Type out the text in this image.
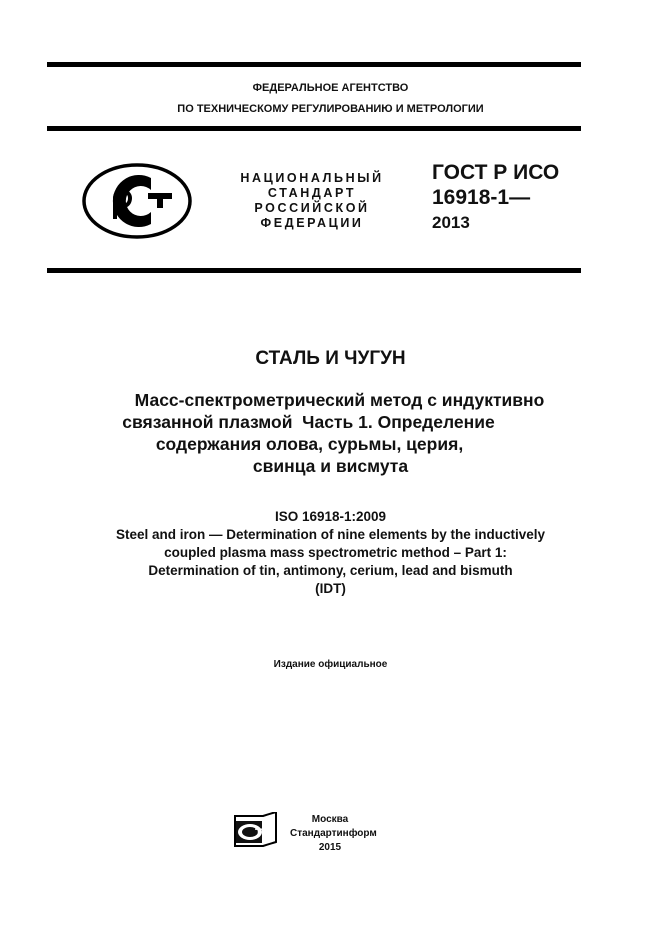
ФЕДЕРАЛЬНОЕ АГЕНТСТВО
ПО ТЕХНИЧЕСКОМУ РЕГУЛИРОВАНИЮ И МЕТРОЛОГИИ
НАЦИОНАЛЬНЫЙ
СТАНДАРТ
РОССИЙСКОЙ
ФЕДЕРАЦИИ
ГОСТ Р ИСО
16918-1—
2013
СТАЛЬ И ЧУГУН
Масс-спектрометрический метод с индуктивно
связанной плазмой  Часть 1. Определение
содержания олова, сурьмы, церия,
свинца и висмута
ISO 16918-1:2009
Steel and iron — Determination of nine elements by the inductively
coupled plasma mass spectrometric method – Part 1:
Determination of tin, antimony, cerium, lead and bismuth
(IDT)
Издание официальное
ТИ
Москва
Стандартинформ
2015
